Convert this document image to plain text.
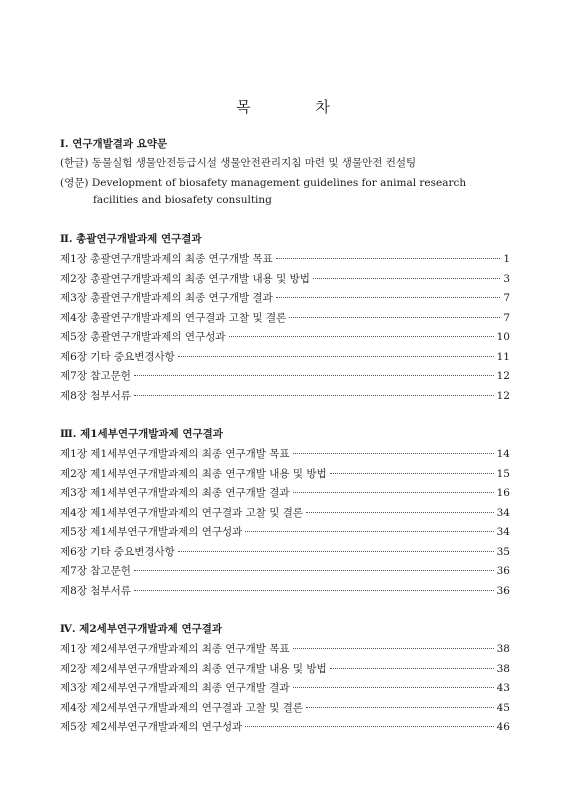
목 차
Ⅰ. 연구개발결과 요약문
(한글) 동물실험 생물안전등급시설 생물안전관리지침 마련 및 생물안전 컨설팅
(영문) Development of biosafety management guidelines for animal research
facilities and biosafety consulting
Ⅱ. 총괄연구개발과제 연구결과
제1장 총괄연구개발과제의 최종 연구개발 목표	1
제2장 총괄연구개발과제의 최종 연구개발 내용 및 방법	3
제3장 총괄연구개발과제의 최종 연구개발 결과	7
제4장 총괄연구개발과제의 연구결과 고찰 및 결론	7
제5장 총괄연구개발과제의 연구성과	10
제6장 기타 중요변경사항	11
제7장 참고문헌	12
제8장 첨부서류	12
Ⅲ. 제1세부연구개발과제 연구결과
제1장 제1세부연구개발과제의 최종 연구개발 목표	14
제2장 제1세부연구개발과제의 최종 연구개발 내용 및 방법	15
제3장 제1세부연구개발과제의 최종 연구개발 결과	16
제4장 제1세부연구개발과제의 연구결과 고찰 및 결론	34
제5장 제1세부연구개발과제의 연구성과	34
제6장 기타 중요변경사항	35
제7장 참고문헌	36
제8장 첨부서류	36
Ⅳ. 제2세부연구개발과제 연구결과
제1장 제2세부연구개발과제의 최종 연구개발 목표	38
제2장 제2세부연구개발과제의 최종 연구개발 내용 및 방법	38
제3장 제2세부연구개발과제의 최종 연구개발 결과	43
제4장 제2세부연구개발과제의 연구결과 고찰 및 결론	45
제5장 제2세부연구개발과제의 연구성과	46
